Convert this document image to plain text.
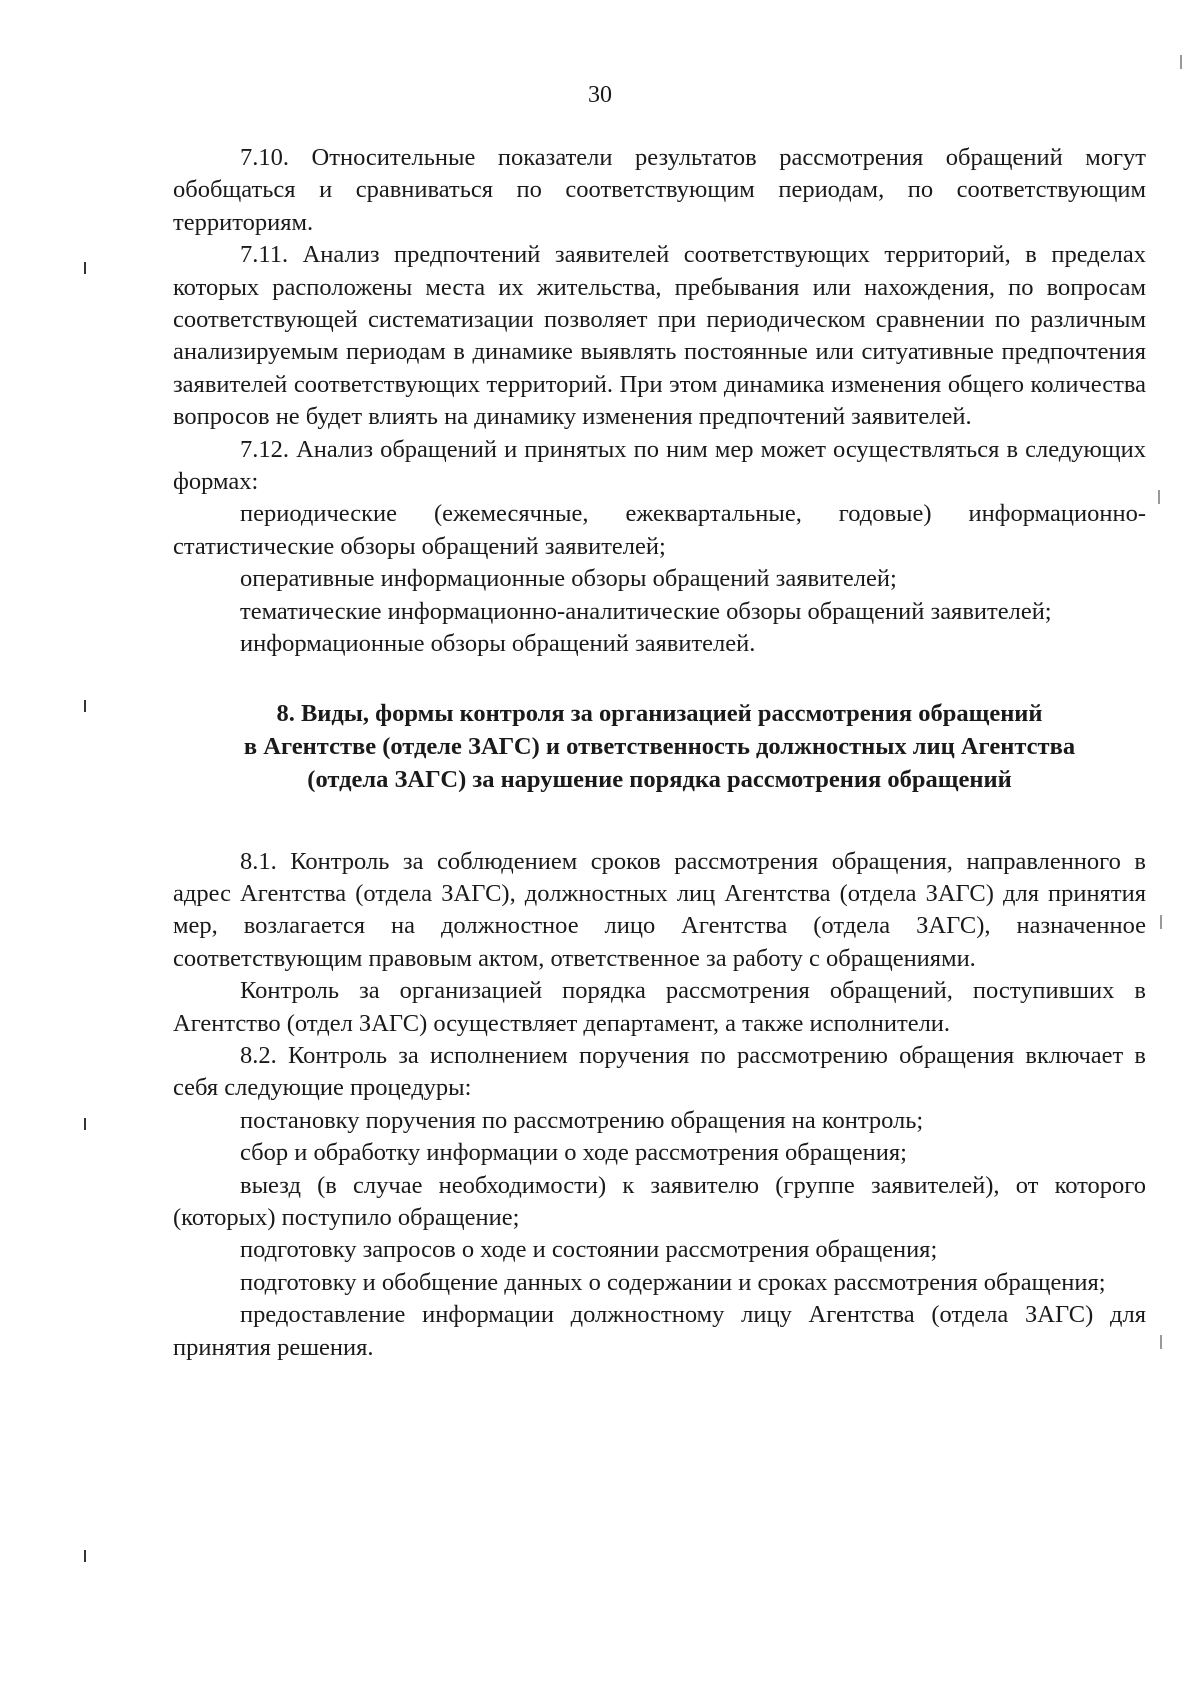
30

7.10. Относительные показатели результатов рассмотрения обращений могут обобщаться и сравниваться по соответствующим периодам, по соответствующим территориям.

7.11. Анализ предпочтений заявителей соответствующих территорий, в пределах которых расположены места их жительства, пребывания или нахождения, по вопросам соответствующей систематизации позволяет при периодическом сравнении по различным анализируемым периодам в динамике выявлять постоянные или ситуативные предпочтения заявителей соответствующих территорий. При этом динамика изменения общего количества вопросов не будет влиять на динамику изменения предпочтений заявителей.

7.12. Анализ обращений и принятых по ним мер может осуществляться в следующих формах:

периодические (ежемесячные, ежеквартальные, годовые) информационно-статистические обзоры обращений заявителей;

оперативные информационные обзоры обращений заявителей;

тематические информационно-аналитические обзоры обращений заявителей;

информационные обзоры обращений заявителей.

8. Виды, формы контроля за организацией рассмотрения обращений
в Агентстве (отделе ЗАГС) и ответственность должностных лиц Агентства
(отдела ЗАГС) за нарушение порядка рассмотрения обращений

8.1. Контроль за соблюдением сроков рассмотрения обращения, направленного в адрес Агентства (отдела ЗАГС), должностных лиц Агентства (отдела ЗАГС) для принятия мер, возлагается на должностное лицо Агентства (отдела ЗАГС), назначенное соответствующим правовым актом, ответственное за работу с обращениями.

Контроль за организацией порядка рассмотрения обращений, поступивших в Агентство (отдел ЗАГС) осуществляет департамент, а также исполнители.

8.2. Контроль за исполнением поручения по рассмотрению обращения включает в себя следующие процедуры:

постановку поручения по рассмотрению обращения на контроль;

сбор и обработку информации о ходе рассмотрения обращения;

выезд (в случае необходимости) к заявителю (группе заявителей), от которого (которых) поступило обращение;

подготовку запросов о ходе и состоянии рассмотрения обращения;

подготовку и обобщение данных о содержании и сроках рассмотрения обращения;

предоставление информации должностному лицу Агентства (отдела ЗАГС) для принятия решения.
